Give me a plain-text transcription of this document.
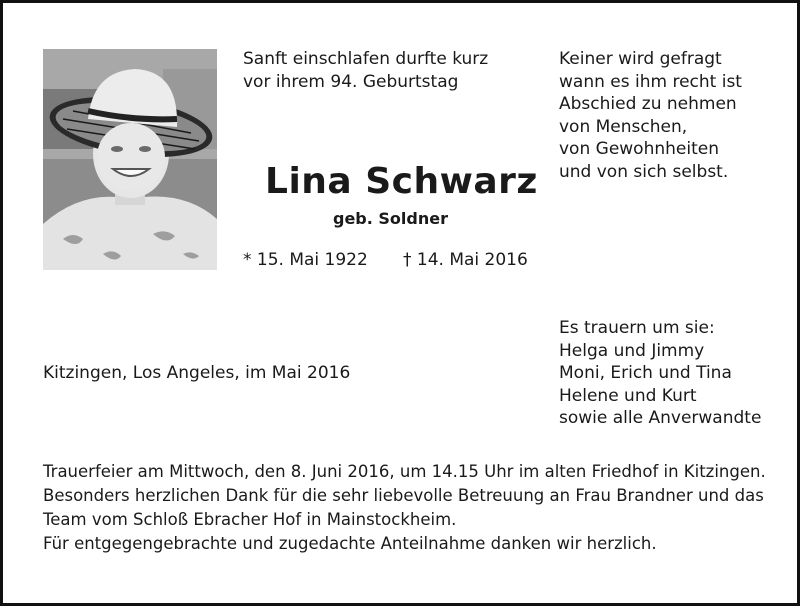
Sanft einschlafen durfte kurz
vor ihrem 94. Geburtstag
Keiner wird gefragt
wann es ihm recht ist
Abschied zu nehmen
von Menschen,
von Gewohnheiten
und von sich selbst.
Lina Schwarz
geb. Soldner
* 15. Mai 1922 † 14. Mai 2016
Kitzingen, Los Angeles, im Mai 2016
Es trauern um sie:
Helga und Jimmy
Moni, Erich und Tina
Helene und Kurt
sowie alle Anverwandte
Trauerfeier am Mittwoch, den 8. Juni 2016, um 14.15 Uhr im alten Friedhof in Kitzingen.
Besonders herzlichen Dank für die sehr liebevolle Betreuung an Frau Brandner und das
Team vom Schloß Ebracher Hof in Mainstockheim.
Für entgegengebrachte und zugedachte Anteilnahme danken wir herzlich.
